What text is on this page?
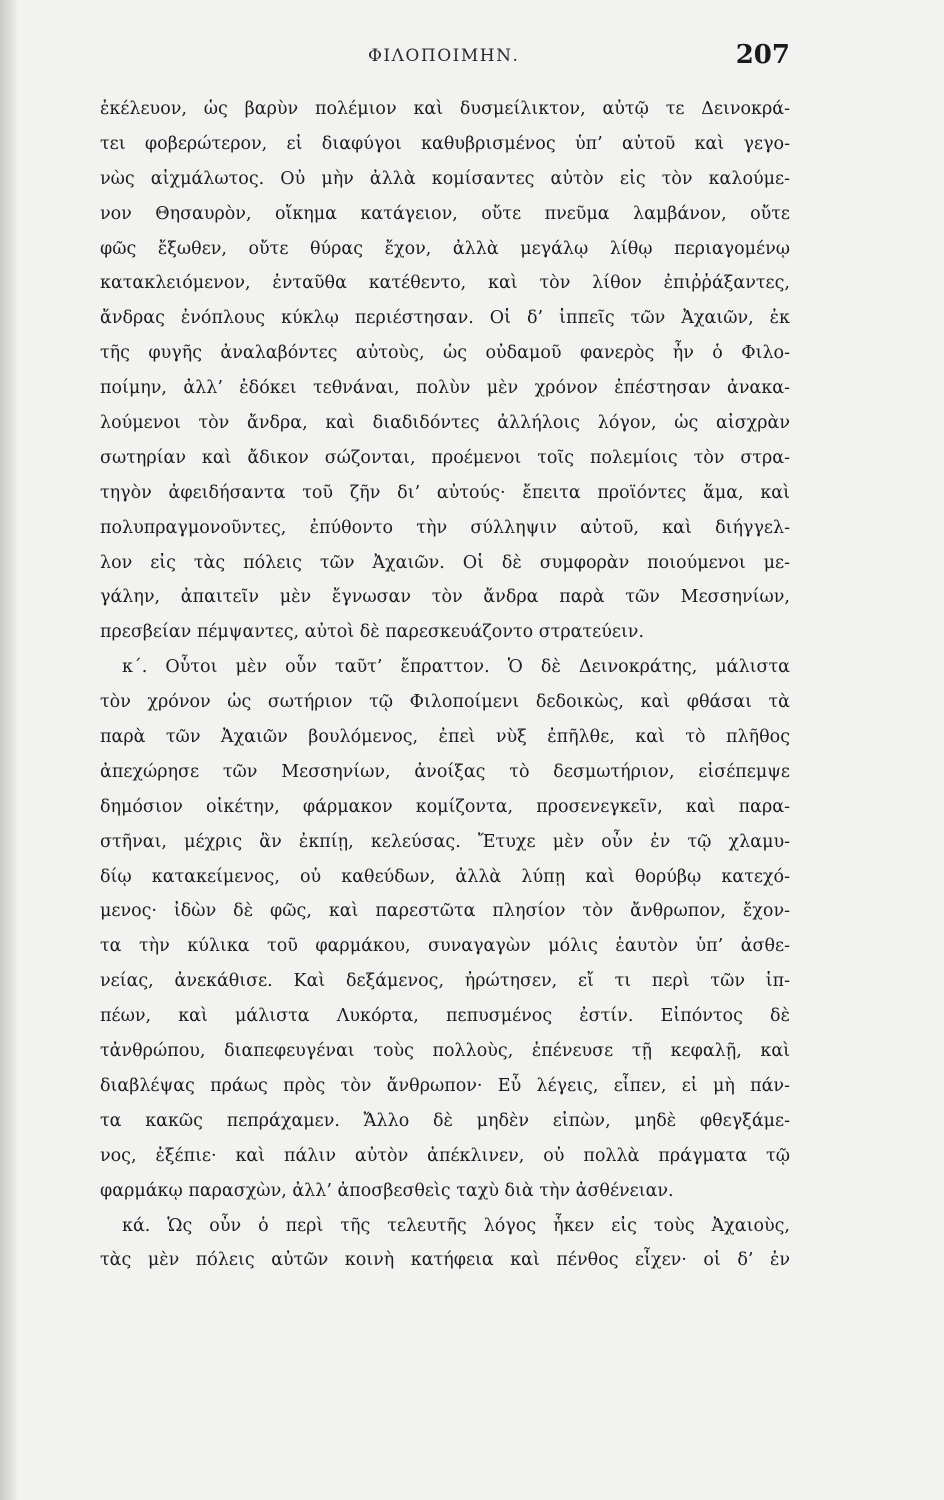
ΦΙΛΟΠΟΙΜΗΝ.	207
ἐκέλευον, ὡς βαρὺν πολέμιον καὶ δυσμείλικτον, αὐτῷ τε Δεινοκρά-
τει φοβερώτερον, εἰ διαφύγοι καθυβρισμένος ὑπ’ αὐτοῦ καὶ γεγο-
νὼς αἰχμάλωτος. Οὐ μὴν ἀλλὰ κομίσαντες αὐτὸν εἰς τὸν καλούμε-
νον Θησαυρὸν, οἴκημα κατάγειον, οὔτε πνεῦμα λαμβάνον, οὔτε
φῶς ἔξωθεν, οὔτε θύρας ἔχον, ἀλλὰ μεγάλῳ λίθῳ περιαγομένῳ
κατακλειόμενον, ἐνταῦθα κατέθεντο, καὶ τὸν λίθον ἐπιῤῥάξαντες,
ἄνδρας ἐνόπλους κύκλῳ περιέστησαν. Οἱ δ’ ἱππεῖς τῶν Ἀχαιῶν, ἐκ
τῆς φυγῆς ἀναλαβόντες αὐτοὺς, ὡς οὐδαμοῦ φανερὸς ἦν ὁ Φιλο-
ποίμην, ἀλλ’ ἐδόκει τεθνάναι, πολὺν μὲν χρόνον ἐπέστησαν ἀνακα-
λούμενοι τὸν ἄνδρα, καὶ διαδιδόντες ἀλλήλοις λόγον, ὡς αἰσχρὰν
σωτηρίαν καὶ ἄδικον σώζονται, προέμενοι τοῖς πολεμίοις τὸν στρα-
τηγὸν ἀφειδήσαντα τοῦ ζῆν δι’ αὐτούς· ἔπειτα προϊόντες ἅμα, καὶ
πολυπραγμονοῦντες, ἐπύθοντο τὴν σύλληψιν αὐτοῦ, καὶ διήγγελ-
λον εἰς τὰς πόλεις τῶν Ἀχαιῶν. Οἱ δὲ συμφορὰν ποιούμενοι με-
γάλην, ἀπαιτεῖν μὲν ἔγνωσαν τὸν ἄνδρα παρὰ τῶν Μεσσηνίων,
πρεσβείαν πέμψαντες, αὐτοὶ δὲ παρεσκευάζοντο στρατεύειν.
κ΄. Οὗτοι μὲν οὖν ταῦτ’ ἔπραττον. Ὁ δὲ Δεινοκράτης, μάλιστα
τὸν χρόνον ὡς σωτήριον τῷ Φιλοποίμενι δεδοικὼς, καὶ φθάσαι τὰ
παρὰ τῶν Ἀχαιῶν βουλόμενος, ἐπεὶ νὺξ ἐπῆλθε, καὶ τὸ πλῆθος
ἀπεχώρησε τῶν Μεσσηνίων, ἀνοίξας τὸ δεσμωτήριον, εἰσέπεμψε
δημόσιον οἰκέτην, φάρμακον κομίζοντα, προσενεγκεῖν, καὶ παρα-
στῆναι, μέχρις ἂν ἐκπίῃ, κελεύσας. Ἔτυχε μὲν οὖν ἐν τῷ χλαμυ-
δίῳ κατακείμενος, οὐ καθεύδων, ἀλλὰ λύπῃ καὶ θορύβῳ κατεχό-
μενος· ἰδὼν δὲ φῶς, καὶ παρεστῶτα πλησίον τὸν ἄνθρωπον, ἔχον-
τα τὴν κύλικα τοῦ φαρμάκου, συναγαγὼν μόλις ἑαυτὸν ὑπ’ ἀσθε-
νείας, ἀνεκάθισε. Καὶ δεξάμενος, ἠρώτησεν, εἴ τι περὶ τῶν ἱπ-
πέων, καὶ μάλιστα Λυκόρτα, πεπυσμένος ἐστίν. Εἰπόντος δὲ
τἀνθρώπου, διαπεφευγέναι τοὺς πολλοὺς, ἐπένευσε τῇ κεφαλῇ, καὶ
διαβλέψας πράως πρὸς τὸν ἄνθρωπον· Εὖ λέγεις, εἶπεν, εἰ μὴ πάν-
τα κακῶς πεπράχαμεν. Ἄλλο δὲ μηδὲν εἰπὼν, μηδὲ φθεγξάμε-
νος, ἐξέπιε· καὶ πάλιν αὐτὸν ἀπέκλινεν, οὐ πολλὰ πράγματα τῷ
φαρμάκῳ παρασχὼν, ἀλλ’ ἀποσβεσθεὶς ταχὺ διὰ τὴν ἀσθένειαν.
κά. Ὡς οὖν ὁ περὶ τῆς τελευτῆς λόγος ἧκεν εἰς τοὺς Ἀχαιοὺς,
τὰς μὲν πόλεις αὐτῶν κοινὴ κατήφεια καὶ πένθος εἶχεν· οἱ δ’ ἐν
